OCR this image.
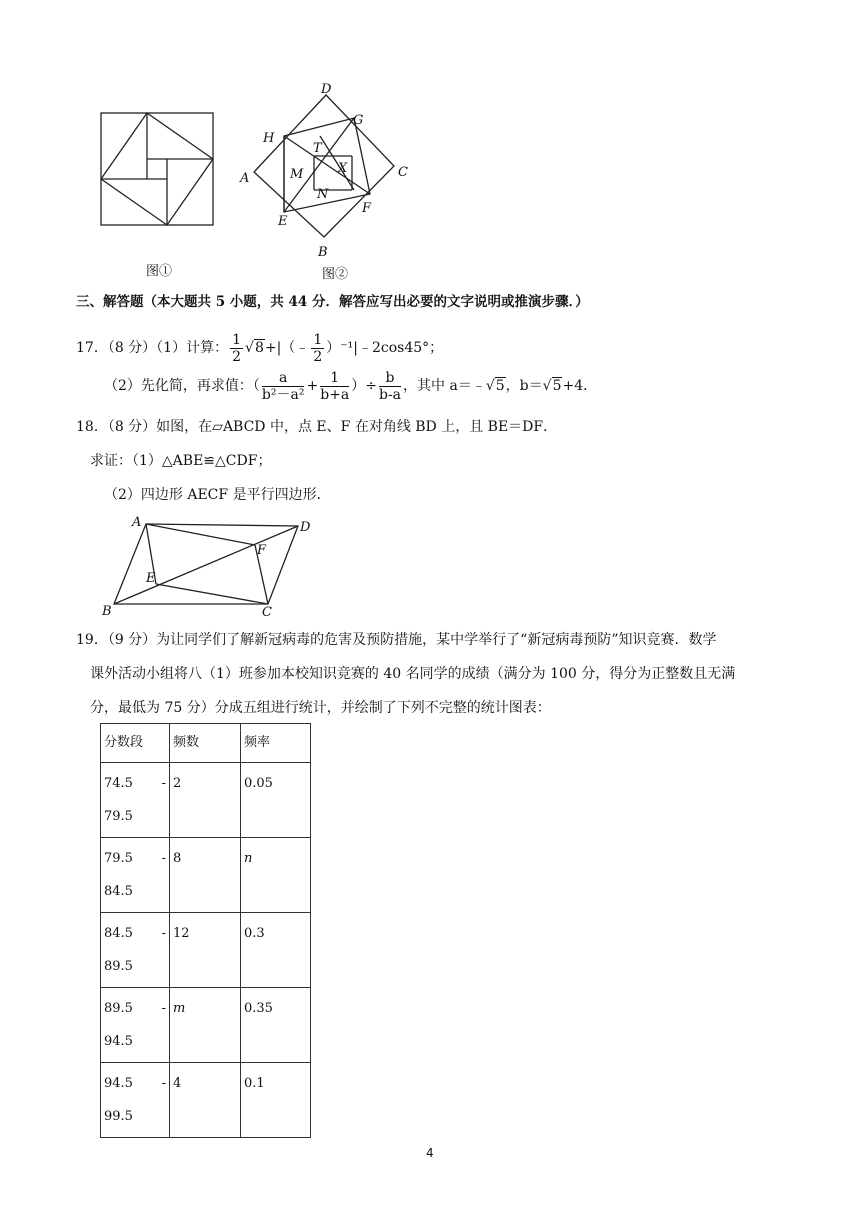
图①
D
H
G
T
X
A	C
M
N
F
E
B
图②
三、解答题（本大题共 5 小题，共 44 分．解答应写出必要的文字说明或推演步骤．）
17．（8 分）（1）计算： $\frac{1}{2}$ √8+|（﹣ $\frac{1}{2}$ ）⁻¹|﹣2cos45°；
（2）先化简，再求值：（ $\frac{a}{\text{b²－a²}} + \frac{1}{b+a}$ ）÷ $\frac{b}{b-a}$ ，其中 a＝﹣√5，b＝√5+4．
18．（8 分）如图，在▱ABCD 中，点 E、F 在对角线 BD 上，且 BE＝DF．
求证：（1）△ABE≌△CDF；
（2）四边形 AECF 是平行四边形．
A	D
F
E
B	C
19．（9 分）为让同学们了解新冠病毒的危害及预防措施，某中学举行了“新冠病毒预防”知识竞赛．数学
课外活动小组将八（1）班参加本校知识竞赛的 40 名同学的成绩（满分为 100 分，得分为正整数且无满
分，最低为 75 分）分成五组进行统计，并绘制了下列不完整的统计图表：
分数段	频数	频率

74.5 -
79.5	2	0.05

79.5 -
84.5	8	n

84.5 -
89.5	12	0.3

89.5 -
94.5	m	0.35

94.5 -
99.5	4	0.1
4
